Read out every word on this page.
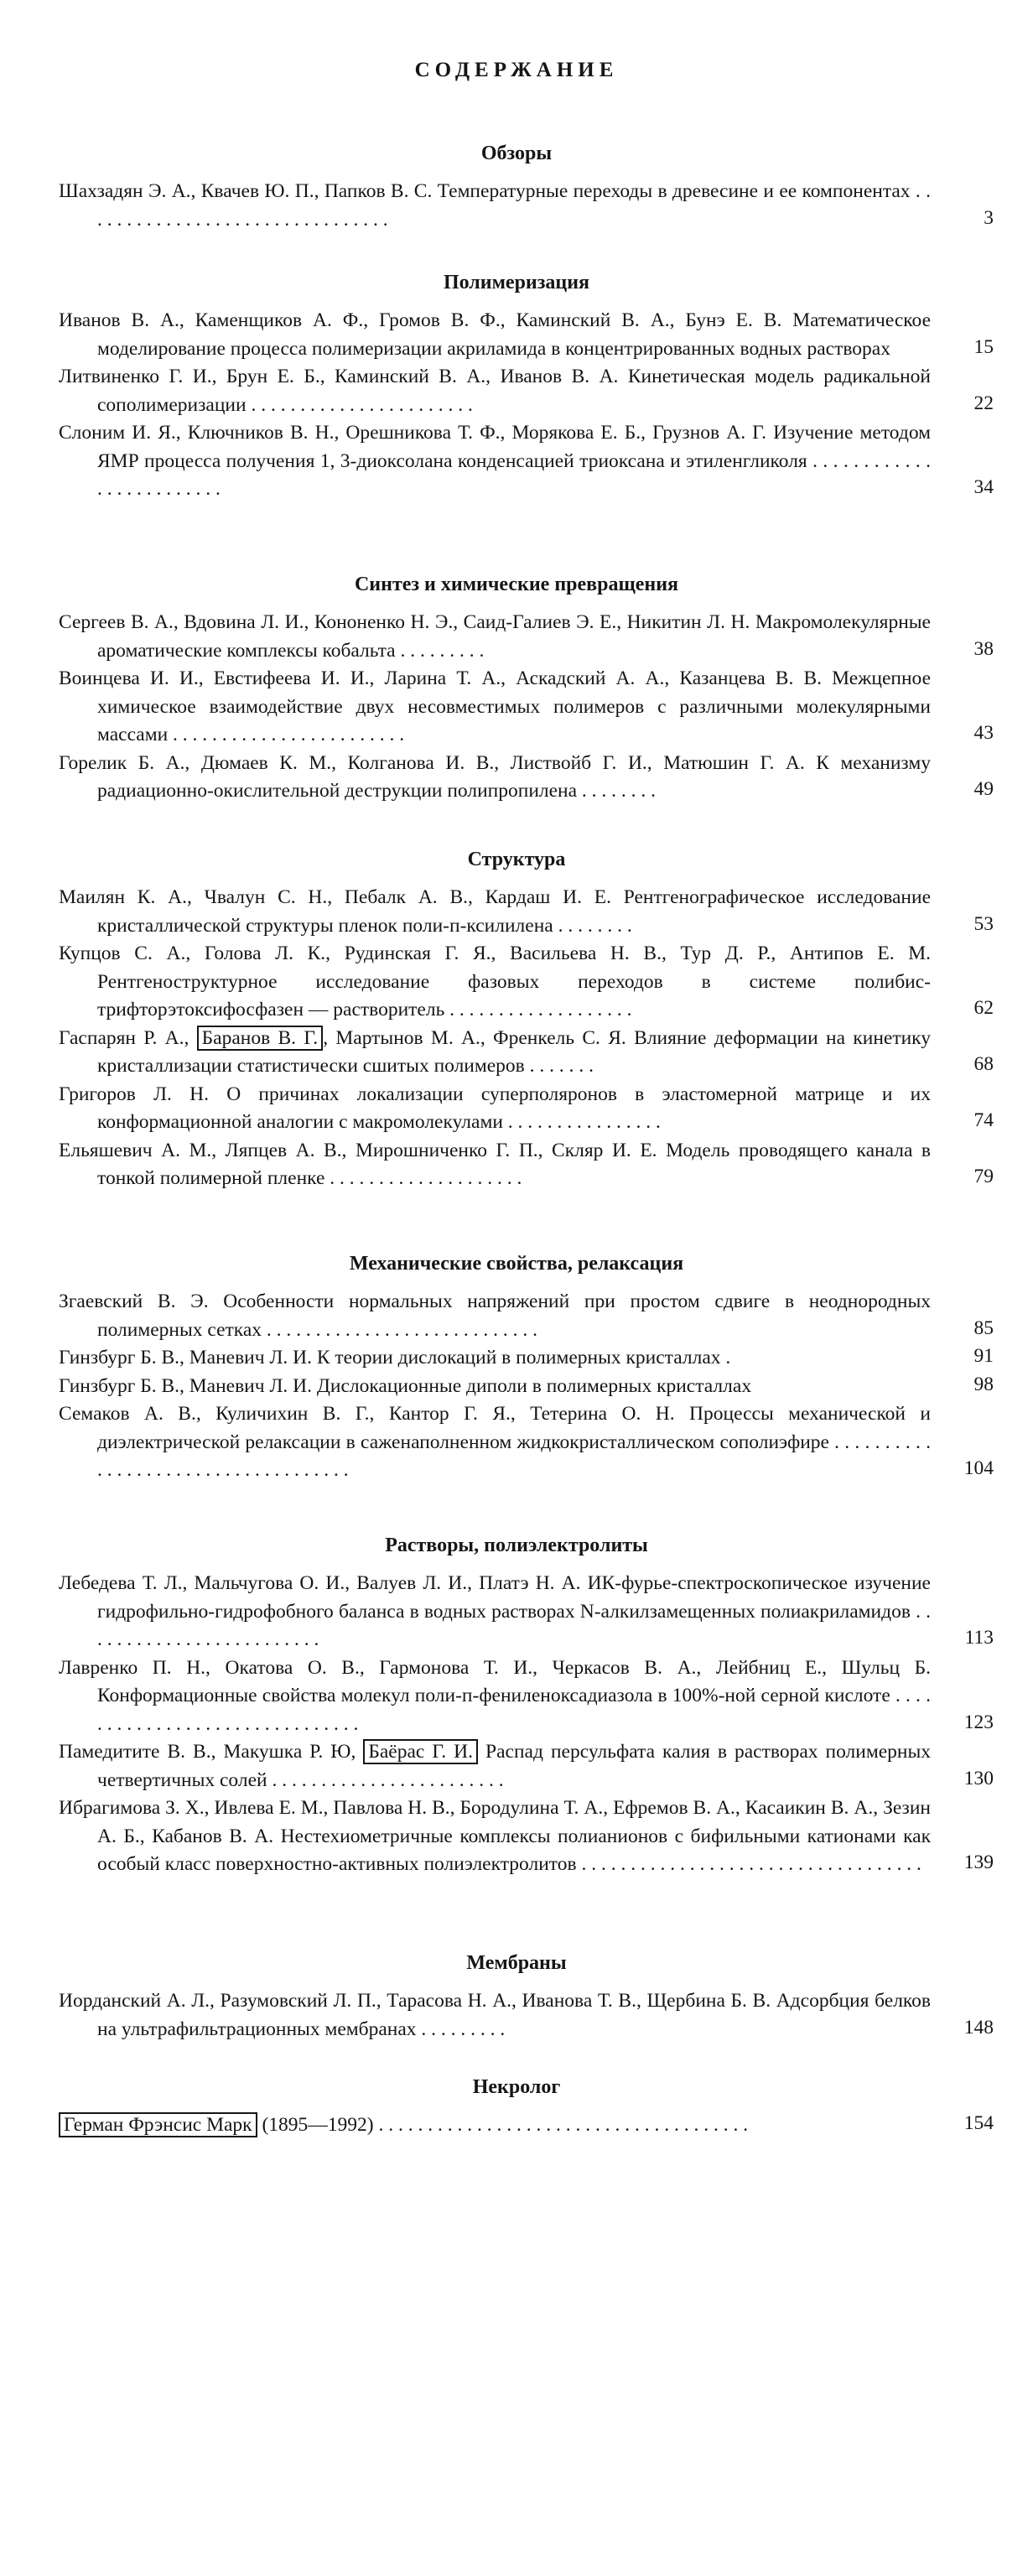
СОДЕРЖАНИЕ
Обзоры

Шахзадян Э. А., Квачев Ю. П., Папков В. С. Температурные переходы в древесине и ее компонентах . . . . . . . . . . . . . . . . . . . . . . . . . . . . . . . .	3
Полимеризация

Иванов В. А., Каменщиков А. Ф., Громов В. Ф., Каминский В. А., Бунэ Е. В. Математическое моделирование процесса полимеризации акриламида в концентрированных водных растворах	15

Литвиненко Г. И., Брун Е. Б., Каминский В. А., Иванов В. А. Кинетическая модель радикальной сополимеризации . . . . . . . . . . . . . . . . . . . . . . .	22

Слоним И. Я., Ключников В. Н., Орешникова Т. Ф., Морякова Е. Б., Грузнов А. Г. Изучение методом ЯМР процесса получения 1, 3-диоксолана конденсацией триоксана и этиленгликоля . . . . . . . . . . . . . . . . . . . . . . . . .	34
Синтез и химические превращения

Сергеев В. А., Вдовина Л. И., Кононенко Н. Э., Саид-Галиев Э. Е., Никитин Л. Н. Макромолекулярные ароматические комплексы кобальта . . . . . . . . .	38

Воинцева И. И., Евстифеева И. И., Ларина Т. А., Аскадский А. А., Казанцева В. В. Межцепное химическое взаимодействие двух несовместимых полимеров с различными молекулярными массами . . . . . . . . . . . . . . . . . . . . . . . .	43

Горелик Б. А., Дюмаев К. М., Колганова И. В., Листвойб Г. И., Матюшин Г. А. К механизму радиационно-окислительной деструкции полипропилена . . . . . . . .	49
Структура

Маилян К. А., Чвалун С. Н., Пебалк А. В., Кардаш И. Е. Рентгенографическое исследование кристаллической структуры пленок поли-п-ксилилена . . . . . . . .	53

Купцов С. А., Голова Л. К., Рудинская Г. Я., Васильева Н. В., Тур Д. Р., Антипов Е. М. Рентгеноструктурное исследование фазовых переходов в системе полибис-трифторэтоксифосфазен — растворитель . . . . . . . . . . . . . . . . . . .	62

Гаспарян Р. А., Баранов В. Г. , Мартынов М. А., Френкель С. Я. Влияние деформации на кинетику кристаллизации статистически сшитых полимеров . . . . . . .	68

Григоров Л. Н. О причинах локализации суперполяронов в эластомерной матрице и их конформационной аналогии с макромолекулами . . . . . . . . . . . . . . . .	74

Ельяшевич А. М., Ляпцев А. В., Мирошниченко Г. П., Скляр И. Е. Модель проводящего канала в тонкой полимерной пленке . . . . . . . . . . . . . . . . . . . .	79
Механические свойства, релаксация

Згаевский В. Э. Особенности нормальных напряжений при простом сдвиге в неоднородных полимерных сетках . . . . . . . . . . . . . . . . . . . . . . . . . . . .	85

Гинзбург Б. В., Маневич Л. И. К теории дислокаций в полимерных кристаллах .	91

Гинзбург Б. В., Маневич Л. И. Дислокационные диполи в полимерных кристаллах	98

Семаков А. В., Куличихин В. Г., Кантор Г. Я., Тетерина О. Н. Процессы механической и диэлектрической релаксации в саженаполненном жидкокристаллическом сополиэфире . . . . . . . . . . . . . . . . . . . . . . . . . . . . . . . . . . . .	104
Растворы, полиэлектролиты

Лебедева Т. Л., Мальчугова О. И., Валуев Л. И., Платэ Н. А. ИК-фурье-спектроскопическое изучение гидрофильно-гидрофобного баланса в водных растворах N-алкилзамещенных полиакриламидов . . . . . . . . . . . . . . . . . . . . . . . . .	113

Лавренко П. Н., Окатова О. В., Гармонова Т. И., Черкасов В. А., Лейбниц Е., Шульц Б. Конформационные свойства молекул поли-п-фениленоксадиазола в 100%-ной серной кислоте . . . . . . . . . . . . . . . . . . . . . . . . . . . . . . .	123

Памедитите В. В., Макушка Р. Ю, Баёрас Г. И. Распад персульфата калия в растворах полимерных четвертичных солей . . . . . . . . . . . . . . . . . . . . . . . .	130

Ибрагимова З. Х., Ивлева Е. М., Павлова Н. В., Бородулина Т. А., Ефремов В. А., Касаикин В. А., Зезин А. Б., Кабанов В. А. Нестехиометричные комплексы полианионов с бифильными катионами как особый класс поверхностно-активных полиэлектролитов . . . . . . . . . . . . . . . . . . . . . . . . . . . . . . . . . . .	139
Мембраны

Иорданский А. Л., Разумовский Л. П., Тарасова Н. А., Иванова Т. В., Щербина Б. В. Адсорбция белков на ультрафильтрационных мембранах . . . . . . . . .	148
Некролог

Герман Фрэнсис Марк (1895—1992) . . . . . . . . . . . . . . . . . . . . . . . . . . . . . . . . . . . . . .	154
